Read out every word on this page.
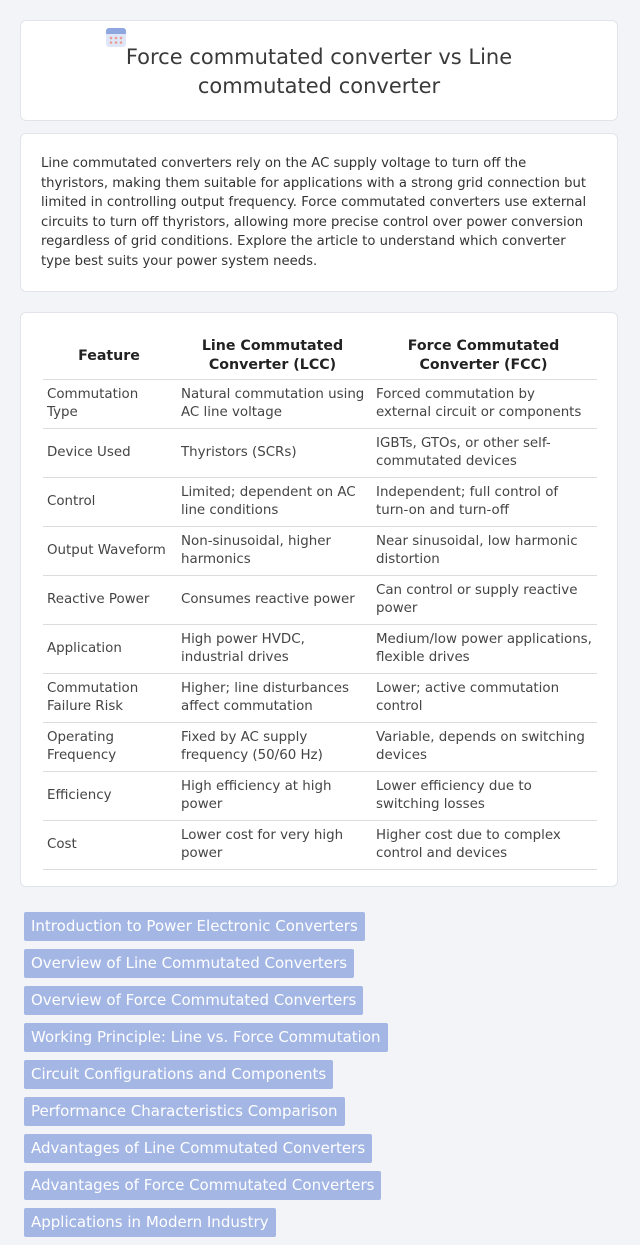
Force commutated converter vs Line commutated converter

Line commutated converters rely on the AC supply voltage to turn off the thyristors, making them suitable for applications with a strong grid connection but limited in controlling output frequency. Force commutated converters use external circuits to turn off thyristors, allowing more precise control over power conversion regardless of grid conditions. Explore the article to understand which converter type best suits your power system needs.

Feature	Line Commutated Converter (LCC)	Force Commutated Converter (FCC)
Commutation Type	Natural commutation using AC line voltage	Forced commutation by external circuit or components
Device Used	Thyristors (SCRs)	IGBTs, GTOs, or other self-commutated devices
Control	Limited; dependent on AC line conditions	Independent; full control of turn-on and turn-off
Output Waveform	Non-sinusoidal, higher harmonics	Near sinusoidal, low harmonic distortion
Reactive Power	Consumes reactive power	Can control or supply reactive power
Application	High power HVDC, industrial drives	Medium/low power applications, flexible drives
Commutation Failure Risk	Higher; line disturbances affect commutation	Lower; active commutation control
Operating Frequency	Fixed by AC supply frequency (50/60 Hz)	Variable, depends on switching devices
Efficiency	High efficiency at high power	Lower efficiency due to switching losses
Cost	Lower cost for very high power	Higher cost due to complex control and devices
Introduction to Power Electronic Converters
Overview of Line Commutated Converters
Overview of Force Commutated Converters
Working Principle: Line vs. Force Commutation
Circuit Configurations and Components
Performance Characteristics Comparison
Advantages of Line Commutated Converters
Advantages of Force Commutated ConvertersApplications in Modern Industry
